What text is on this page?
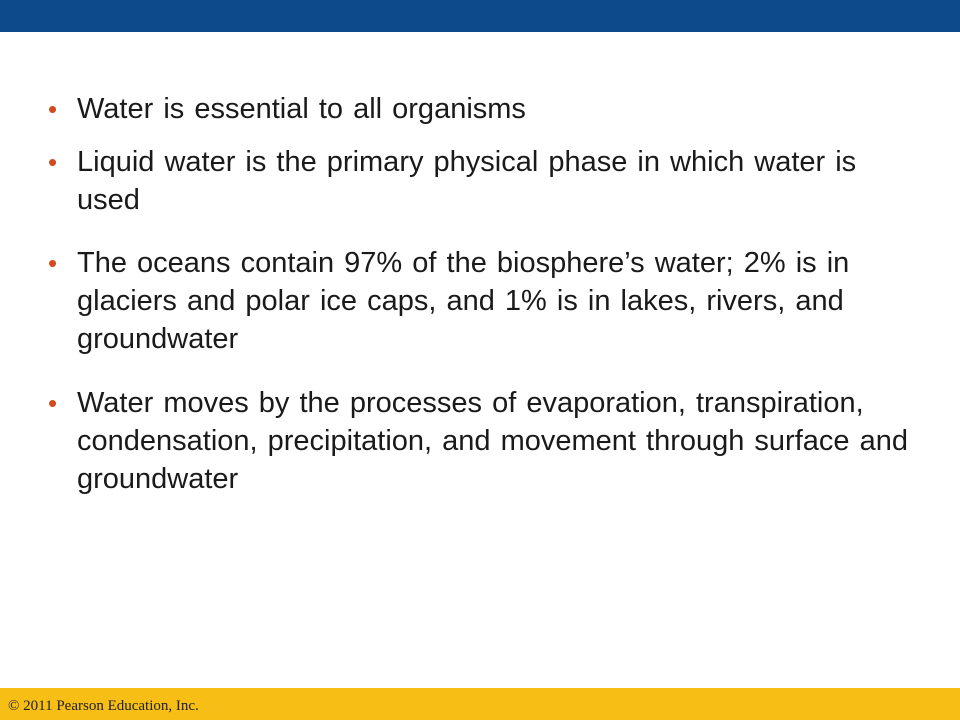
• Water is essential to all organisms
• Liquid water is the primary physical phase in which water is used
• The oceans contain 97% of the biosphere’s water; 2% is in glaciers and polar ice caps, and 1% is in lakes, rivers, and groundwater
• Water moves by the processes of evaporation, transpiration, condensation, precipitation, and movement through surface and groundwater
© 2011 Pearson Education, Inc.
